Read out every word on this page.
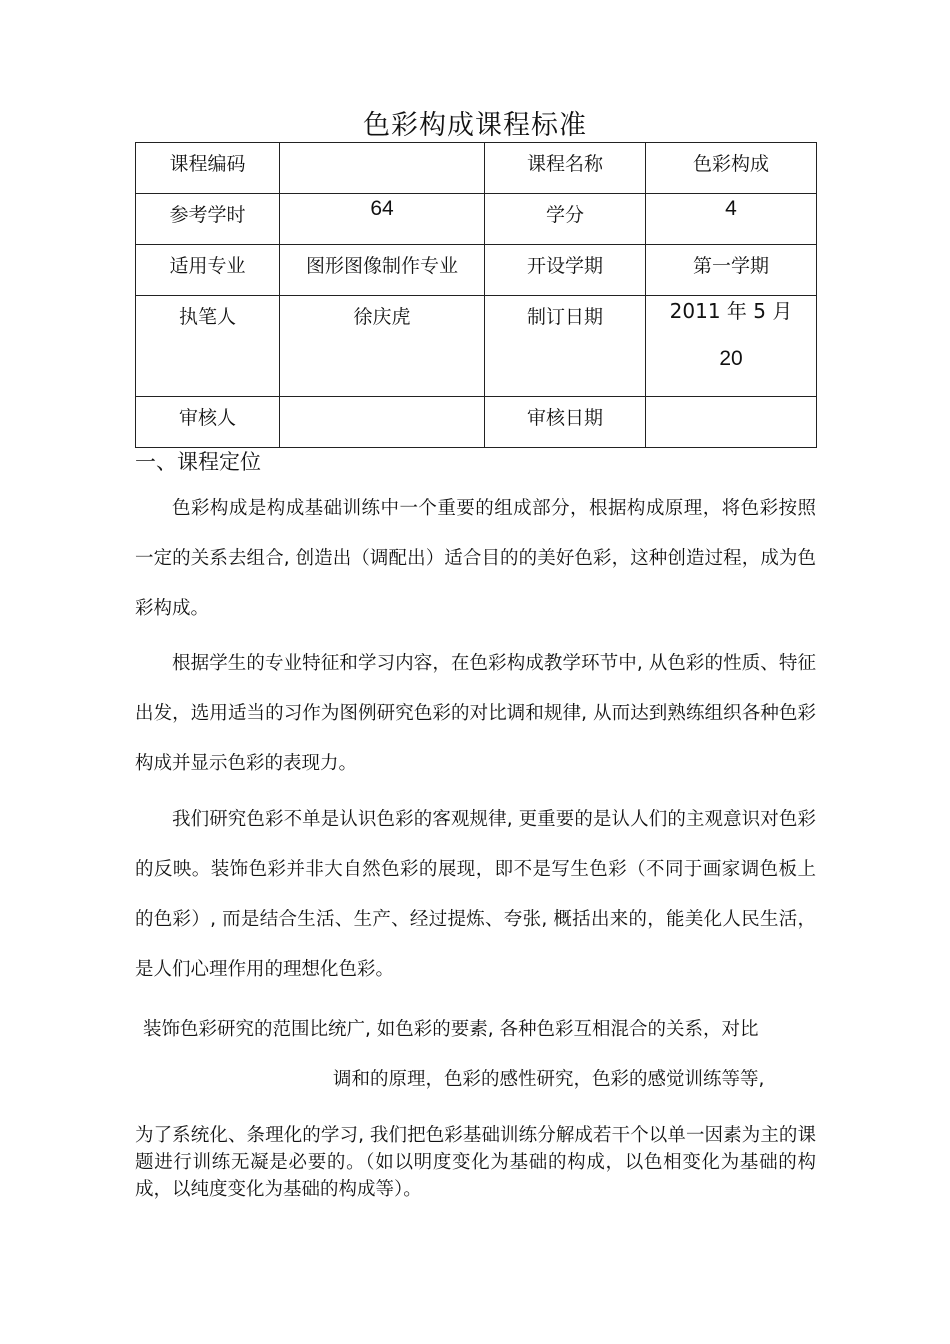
色彩构成课程标准
课程编码		课程名称	色彩构成

参考学时	64	学分	4

适用专业	图形图像制作专业	开设学期	第一学期

执笔人	徐庆虎	制订日期	2011 年 5 月
20

审核人		审核日期	

一、课程定位

色彩构成是构成基础训练中一个重要的组成部分，根据构成原理，将色彩按照一定的关系去组合, 创造出（调配出）适合目的的美好色彩，这种创造过程，成为色彩构成。

根据学生的专业特征和学习内容，在色彩构成教学环节中, 从色彩的性质、特征出发，选用适当的习作为图例研究色彩的对比调和规律, 从而达到熟练组织各种色彩构成并显示色彩的表现力。

我们研究色彩不单是认识色彩的客观规律, 更重要的是认人们的主观意识对色彩的反映。装饰色彩并非大自然色彩的展现，即不是写生色彩（不同于画家调色板上的色彩）, 而是结合生活、生产、经过提炼、夸张, 概括出来的，能美化人民生活，是人们心理作用的理想化色彩。

装饰色彩研究的范围比统广, 如色彩的要素, 各种色彩互相混合的关系，对比

调和的原理，色彩的感性研究，色彩的感觉训练等等,

为了系统化、条理化的学习, 我们把色彩基础训练分解成若干个以单一因素为主的课题进行训练无凝是必要的。（如以明度变化为基础的构成，以色相变化为基础的构成，以纯度变化为基础的构成等）。
